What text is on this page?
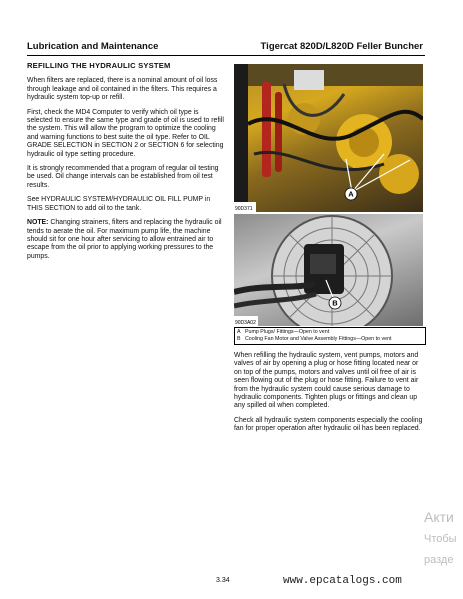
Lubrication and Maintenance	Tigercat 820D/L820D Feller Buncher
REFILLING THE HYDRAULIC SYSTEM

When filters are replaced, there is a nominal amount of oil loss through leakage and oil contained in the filters. This requires a hydraulic system top-up or refill.

First, check the MD4 Computer to verify which oil type is selected to ensure the same type and grade of oil is used to refill the system. This will allow the program to optimize the cooling and warning functions to best suite the oil type. Refer to OIL GRADE SELECTION in SECTION 2 or SECTION 6 for selecting hydraulic oil type setting procedure.

It is strongly recommended that a program of regular oil testing be used. Oil change intervals can be established from oil test results.

See HYDRAULIC SYSTEM/HYDRAULIC OIL FILL PUMP in THIS SECTION to add oil to the tank.

NOTE: Changing strainers, filters and replacing the hydraulic oil tends to aerate the oil. For maximum pump life, the machine should sit for one hour after servicing to allow entrained air to escape from the oil prior to applying working pressures to the pumps.

A
90D371
B
90D3A02
A Pump Plugs/ Fittings—Open to vent
B Cooling Fan Motor and Valve Assembly Fittings—Open to vent

When refilling the hydraulic system, vent pumps, motors and valves of air by opening a plug or hose fitting located near or on top of the pumps, motors and valves until oil free of air is seen flowing out of the plug or hose fitting. Failure to vent air from the hydraulic system could cause serious damage to hydraulic components. Tighten plugs or fittings and clean up any spilled oil when completed.

Check all hydraulic system components especially the cooling fan for proper operation after hydraulic oil has been replaced.

3.34	www.epcatalogs.com
Акти
Чтобы
разде
